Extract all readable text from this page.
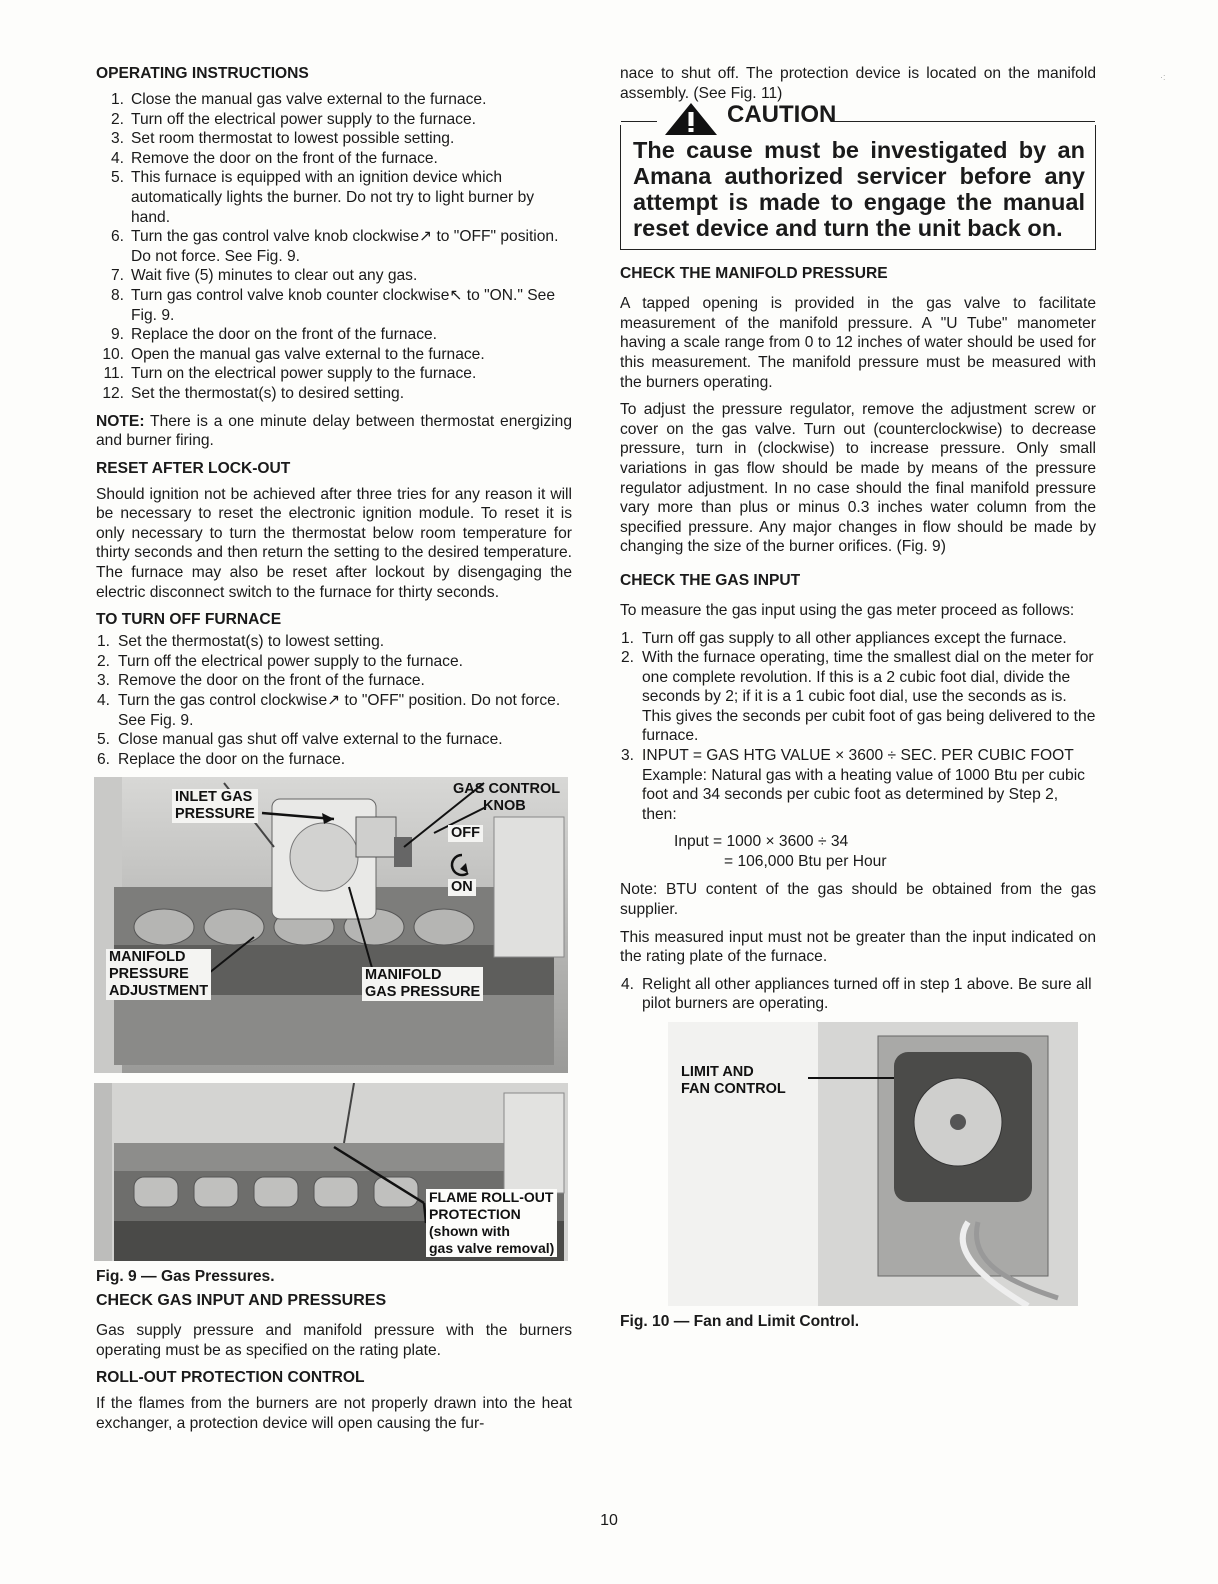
OPERATING INSTRUCTIONS
1. Close the manual gas valve external to the furnace.
2. Turn off the electrical power supply to the furnace.
3. Set room thermostat to lowest possible setting.
4. Remove the door on the front of the furnace.
5. This furnace is equipped with an ignition device which automatically lights the burner. Do not try to light burner by hand.
6. Turn the gas control valve knob clockwise↗ to "OFF" position. Do not force. See Fig. 9.
7. Wait five (5) minutes to clear out any gas.
8. Turn gas control valve knob counter clockwise↖ to "ON." See Fig. 9.
9. Replace the door on the front of the furnace.
10. Open the manual gas valve external to the furnace.
11. Turn on the electrical power supply to the furnace.
12. Set the thermostat(s) to desired setting.

NOTE: There is a one minute delay between thermostat energizing and burner firing.

RESET AFTER LOCK-OUT

Should ignition not be achieved after three tries for any reason it will be necessary to reset the electronic ignition module. To reset it is only necessary to turn the thermostat below room temperature for thirty seconds and then return the setting to the desired temperature. The furnace may also be reset after lockout by disengaging the electric disconnect switch to the furnace for thirty seconds.

TO TURN OFF FURNACE
1. Set the thermostat(s) to lowest setting.
2. Turn off the electrical power supply to the furnace.
3. Remove the door on the front of the furnace.
4. Turn the gas control clockwise↗ to "OFF" position. Do not force. See Fig. 9.
5. Close manual gas shut off valve external to the furnace.
6. Replace the door on the furnace.
INLET GAS
PRESSURE
GAS CONTROL
KNOB
OFF
ON
MANIFOLD
PRESSURE
ADJUSTMENT
MANIFOLD
GAS PRESSURE
FLAME ROLL-OUT
PROTECTION
(shown with
gas valve removal)
Fig. 9 — Gas Pressures.
CHECK GAS INPUT AND PRESSURES

Gas supply pressure and manifold pressure with the burners operating must be as specified on the rating plate.

ROLL-OUT PROTECTION CONTROL

If the flames from the burners are not properly drawn into the heat exchanger, a protection device will open causing the fur-

nace to shut off. The protection device is located on the manifold assembly. (See Fig. 11)

CAUTION

The cause must be investigated by an Amana authorized servicer before any attempt is made to engage the manual reset device and turn the unit back on.

CHECK THE MANIFOLD PRESSURE

A tapped opening is provided in the gas valve to facilitate measurement of the manifold pressure. A "U Tube" manometer having a scale range from 0 to 12 inches of water should be used for this measurement. The manifold pressure must be measured with the burners operating.

To adjust the pressure regulator, remove the adjustment screw or cover on the gas valve. Turn out (counterclockwise) to decrease pressure, turn in (clockwise) to increase pressure. Only small variations in gas flow should be made by means of the pressure regulator adjustment. In no case should the final manifold pressure vary more than plus or minus 0.3 inches water column from the specified pressure. Any major changes in flow should be made by changing the size of the burner orifices. (Fig. 9)

CHECK THE GAS INPUT

To measure the gas input using the gas meter proceed as follows:

1. Turn off gas supply to all other appliances except the furnace.
2. With the furnace operating, time the smallest dial on the meter for one complete revolution. If this is a 2 cubic foot dial, divide the seconds by 2; if it is a 1 cubic foot dial, use the seconds as is. This gives the seconds per cubit foot of gas being delivered to the furnace.
3. INPUT = GAS HTG VALUE × 3600 ÷ SEC. PER CUBIC FOOT
Example: Natural gas with a heating value of 1000 Btu per cubic foot and 34 seconds per cubic foot as determined by Step 2, then:
Input = 1000 × 3600 ÷ 34
= 106,000 Btu per Hour

Note: BTU content of the gas should be obtained from the gas supplier.

This measured input must not be greater than the input indicated on the rating plate of the furnace.

4. Relight all other appliances turned off in step 1 above. Be sure all pilot burners are operating.
LIMIT AND
FAN CONTROL
Fig. 10 — Fan and Limit Control.
·:
10
